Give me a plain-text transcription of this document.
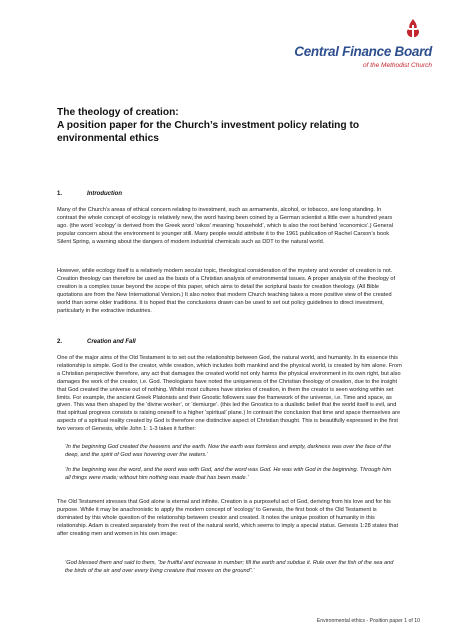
Central Finance Board
of the Methodist Church
The theology of creation:
A position paper for the Church’s investment policy relating to environmental ethics
1.	Introduction
Many of the Church’s areas of ethical concern relating to investment, such as armaments, alcohol, or tobacco, are long standing. In contrast the whole concept of ecology is relatively new, the word having been coined by a German scientist a little over a hundred years ago. (the word ‘ecology’ is derived from the Greek word ‘oikos’ meaning ‘household’, which is also the root behind ‘economics’.) General popular concern about the environment is younger still. Many people would attribute it to the 1961 publication of Rachel Carson’s book Silent Spring, a warning about the dangers of modern industrial chemicals such as DDT to the natural world.
However, while ecology itself is a relatively modern secular topic, theological consideration of the mystery and wonder of creation is not. Creation theology can therefore be used as the basis of a Christian analysis of environmental issues. A proper analysis of the theology of creation is a complex issue beyond the scope of this paper, which aims to detail the scriptural basis for creation theology. (All Bible quotations are from the New International Version.) It also notes that modern Church teaching takes a more positive view of the created world than some older traditions. It is hoped that the conclusions drawn can be used to set out policy guidelines to direct investment, particularly in the extractive industries.
2.	Creation and Fall
One of the major aims of the Old Testament is to set out the relationship between God, the natural world, and humanity. In its essence this relationship is simple. God is the creator, while creation, which includes both mankind and the physical world, is created by him alone. From a Christian perspective therefore, any act that damages the created world not only harms the physical environment in its own right, but also damages the work of the creator, i.e. God. Theologians have noted the uniqueness of the Christian theology of creation, due to the insight that God created the universe out of nothing. Whilst most cultures have stories of creation, in them the creator is seen working within set limits. For example, the ancient Greek Platonists and their Gnostic followers saw the framework of the universe, i.e. Time and space, as given. This was then shaped by the ‘divine worker’, or ‘demiurge’. (this led the Gnostics to a dualistic belief that the world itself is evil, and that spiritual progress consists is raising oneself to a higher ‘spiritual’ plane.) In contrast the conclusion that time and space themselves are aspects of a spiritual reality created by God is therefore one distinctive aspect of Christian thought. This is beautifully expressed in the first two verses of Genesis, while John 1: 1-3 takes it further:
‘In the beginning God created the heavens and the earth. Now the earth was formless and empty, darkness was over the face of the deep, and the spirit of God was hovering over the waters.’
‘In the beginning was the word, and the word was with God, and the word was God. He was with God in the beginning. Through him all things were made; without him nothing was made that has been made.’
The Old Testament stresses that God alone is eternal and infinite. Creation is a purposeful act of God, deriving from his love and for his purpose. While it may be anachronistic to apply the modern concept of ‘ecology’ to Genesis, the first book of the Old Testament is dominated by this whole question of the relationship between creator and created. It notes the unique position of humanity in this relationship. Adam is created separately from the rest of the natural world, which seems to imply a special status. Genesis 1:28 states that after creating men and women in his own image:
‘God blessed them and said to them, “be fruitful and increase in number; fill the earth and subdue it. Rule over the fish of the sea and the birds of the air and over every living creature that moves on the ground”.’
Environmental ethics - Position paper 1 of 10
